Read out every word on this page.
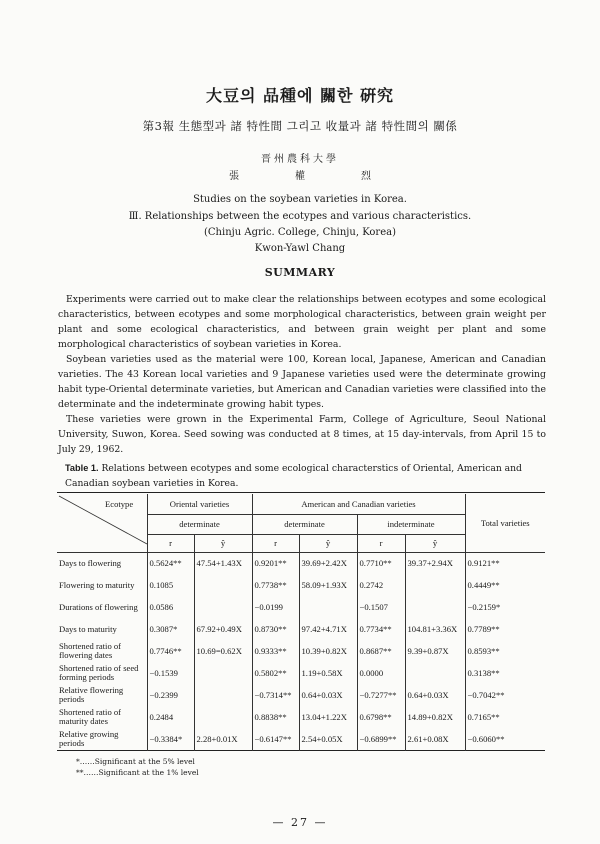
大豆의 品種에 關한 硏究
第3報 生態型과 諸 特性間 그리고 收量과 諸 特性間의 關係
晋州農科大學
張	權	烈
Studies on the soybean varieties in Korea.
Ⅲ. Relationships between the ecotypes and various characteristics.
(Chinju Agric. College, Chinju, Korea)
Kwon-Yawl Chang
SUMMARY

Experiments were carried out to make clear the relationships between ecotypes and some ecological characteristics, between ecotypes and some morphological characteristics, between grain weight per plant and some ecological characteristics, and between grain weight per plant and some morphological characteristics of soybean varieties in Korea.

Soybean varieties used as the material were 100, Korean local, Japanese, American and Canadian varieties. The 43 Korean local varieties and 9 Japanese varieties used were the determinate growing habit type-Oriental determinate varieties, but American and Canadian varieties were classified into the determinate and the indeterminate growing habit types.

These varieties were grown in the Experimental Farm, College of Agriculture, Seoul National University, Suwon, Korea. Seed sowing was conducted at 8 times, at 15 day-intervals, from April 15 to July 29, 1962.

Table 1. Relations between ecotypes and some ecological characterstics of Oriental, American and Canadian soybean varieties in Korea.
Ecotype	Oriental varieties		American and Canadian varieties				Total varieties
	determinate		determinate		indeterminate		
	r	ŷ	r	ŷ	r	ŷ	
Days to flowering	0.5624**	47.54+1.43X	0.9201**	39.69+2.42X	0.7710**	39.37+2.94X	0.9121**
Flowering to maturity	0.1085		0.7738**	58.09+1.93X	0.2742		0.4449**
Durations of flowering	0.0586		−0.0199		−0.1507		−0.2159*
Days to maturity	0.3087*	67.92+0.49X	0.8730**	97.42+4.71X	0.7734**	104.81+3.36X	0.7789**
Shortened ratio of flowering dates	0.7746**	10.69=0.62X	0.9333**	10.39+0.82X	0.8687**	9.39+0.87X	0.8593**
Shortened ratio of seed forming periods	−0.1539		0.5802**	1.19+0.58X	0.0000		0.3138**
Relative flowering periods	−0.2399		−0.7314**	0.64+0.03X	−0.7277**	0.64+0.03X	−0.7042**
Shortened ratio of maturity dates	0.2484		0.8838**	13.04+1.22X	0.6798**	14.89+0.82X	0.7165**
Relative growing periods	−0.3384*	2.28+0.01X	−0.6147**	2.54+0.05X	−0.6899**	2.61+0.08X	−0.6060**
*……Significant at the 5% level
**……Significant at the 1% level
— 27 —
